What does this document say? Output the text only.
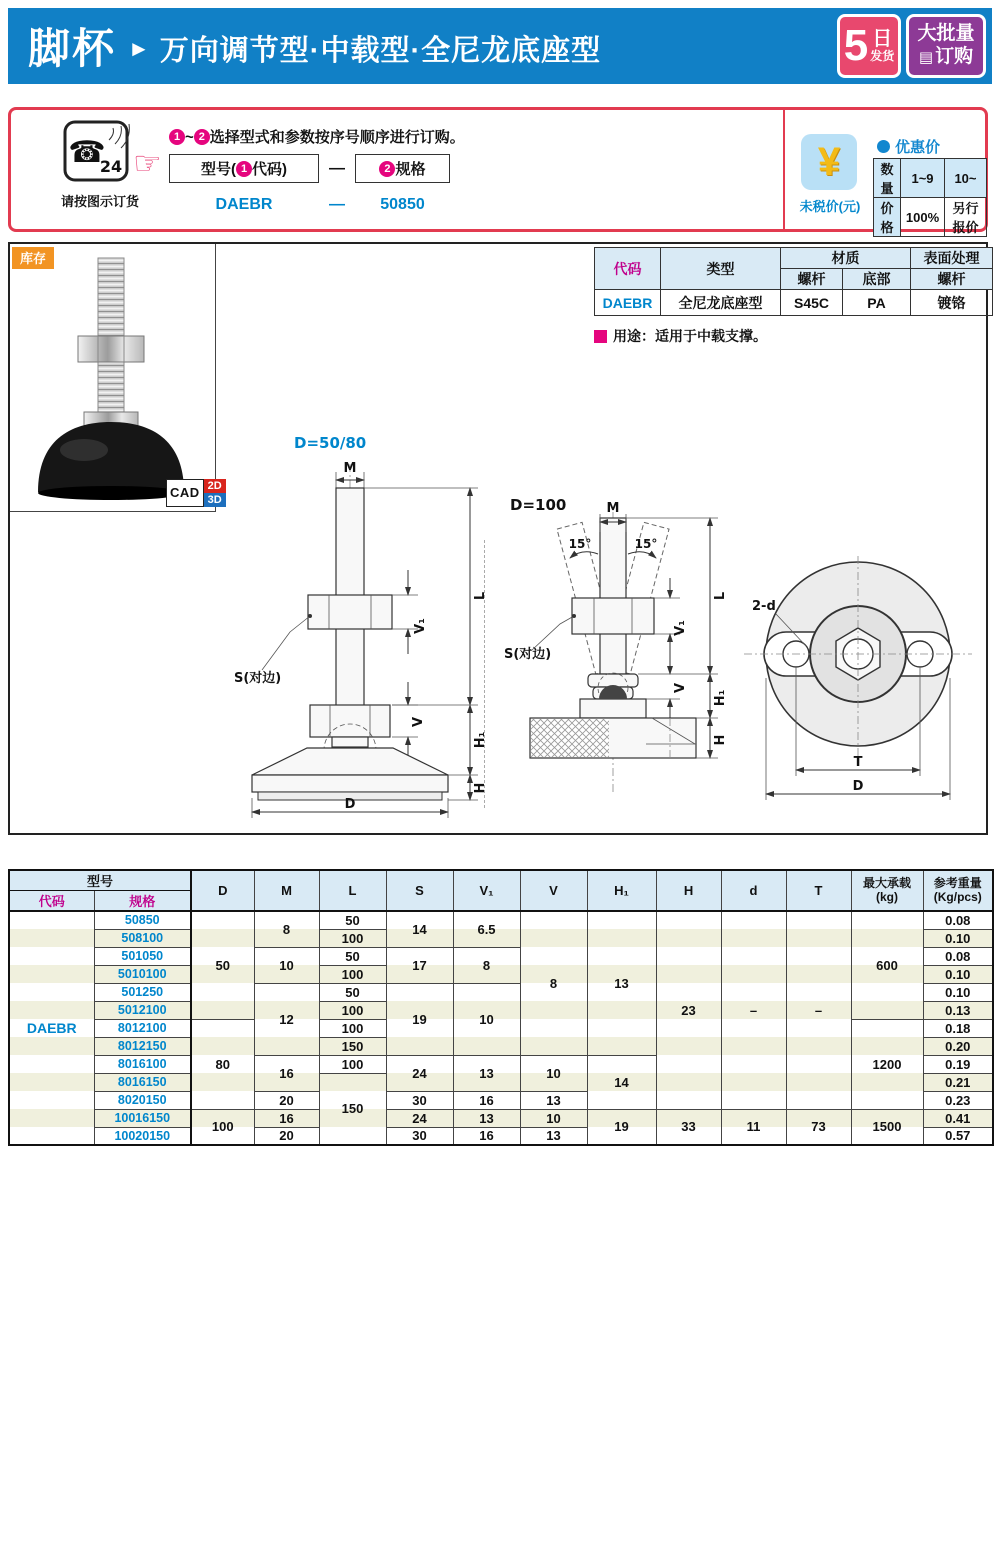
脚杯 ► 万向调节型·中载型·全尼龙底座型	5 日
发货
大批量
▤ 订购
☎
24
请按图示订货
☞
1 ~ 2 选择型式和参数按序号顺序进行订购。
型号( 1 代码)	—	2 规格
DAEBR	—	50850
¥
未税价(元)
优惠价
数量	1~9	10~
价格	100%	另行报价
库存
CAD 2D
3D
代码	类型	材质		表面处理
		螺杆	底部	螺杆
DAEBR	全尼龙底座型	S45C	PA	镀铬
用途：适用于中载支撑。
D=50/80
M
V₁
V
D
L
H₁
H
S(对边)
D=100	M
15°	15°
V₁
V
L
H₁
H
S(对边)
2-d
T
D
型号	D	M	L	S	V₁	V	H₁	H	d	T	
最大承载
(kg)

参考重量
(Kg/pcs)

代码	规格												
DAEBR	50850	50	8	50	14	6.5	8	13	23	–	–	600	0.08
	508100			100									0.10
	501050		10	50	17	8							0.08
	5010100			100									0.10
	501250		12	50	19	10							0.10
	5012100			100									0.13
	8012100	80		100								1200	0.18
	8012150			150									0.20
	8016100		16	100	24	13	10	14					0.19
	8016150			150									0.21
	8020150		20		30	16	13						0.23
	10016150	100	16		24	13	10	19	33	11	73	1500	0.41
	10020150		20		30	16	13						0.57
